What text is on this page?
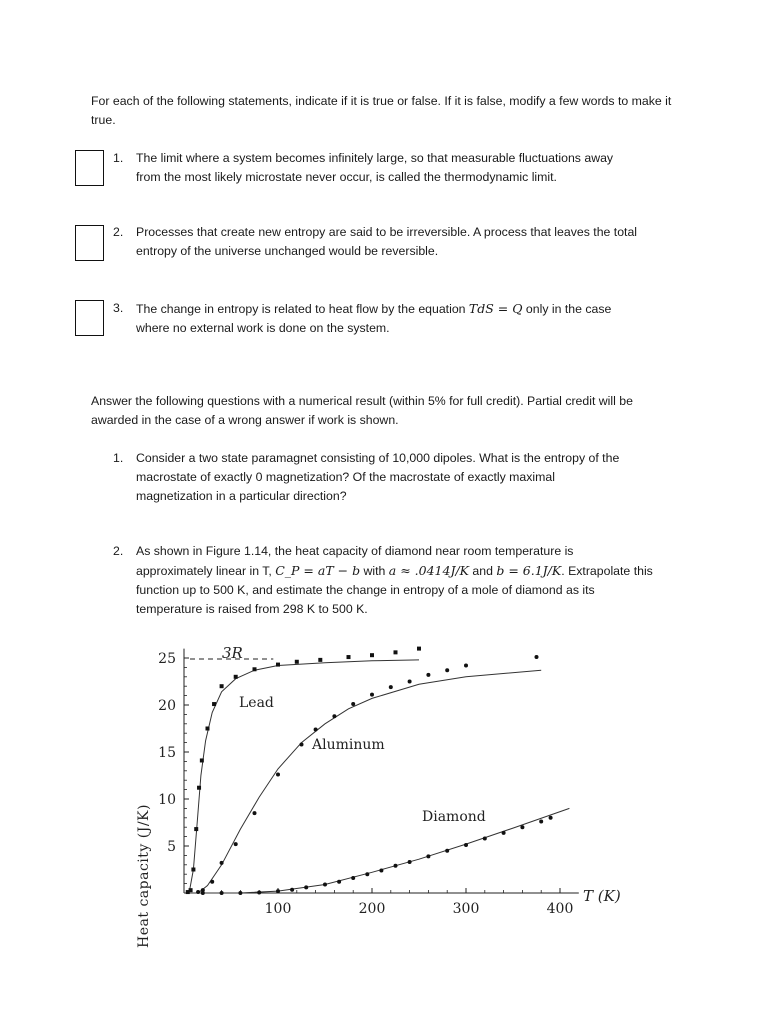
For each of the following statements, indicate if it is true or false. If it is false, modify a few words to make it true.

1. The limit where a system becomes infinitely large, so that measurable fluctuations away
from the most likely microstate never occur, is called the thermodynamic limit.
2. Processes that create new entropy are said to be irreversible. A process that leaves the total
entropy of the universe unchanged would be reversible.
3. The change in entropy is related to heat flow by the equation TdS = Q only in the case
where no external work is done on the system.

Answer the following questions with a numerical result (within 5% for full credit). Partial credit will be awarded in the case of a wrong answer if work is shown.

1. Consider a two state paramagnet consisting of 10,000 dipoles. What is the entropy of the
macrostate of exactly 0 magnetization? Of the macrostate of exactly maximal
magnetization in a particular direction?
2. As shown in Figure 1.14, the heat capacity of diamond near room temperature is
approximately linear in T, C_P = aT − b with a ≈ .0414J/K and b = 6.1J/K. Extrapolate this
function up to 500 K, and estimate the change in entropy of a mole of diamond as its
temperature is raised from 298 K to 500 K.
100	200	300	400
5
10
15
20
25
Heat capacity (J/K)	T (K)
3R
Lead
Aluminum
Diamond
